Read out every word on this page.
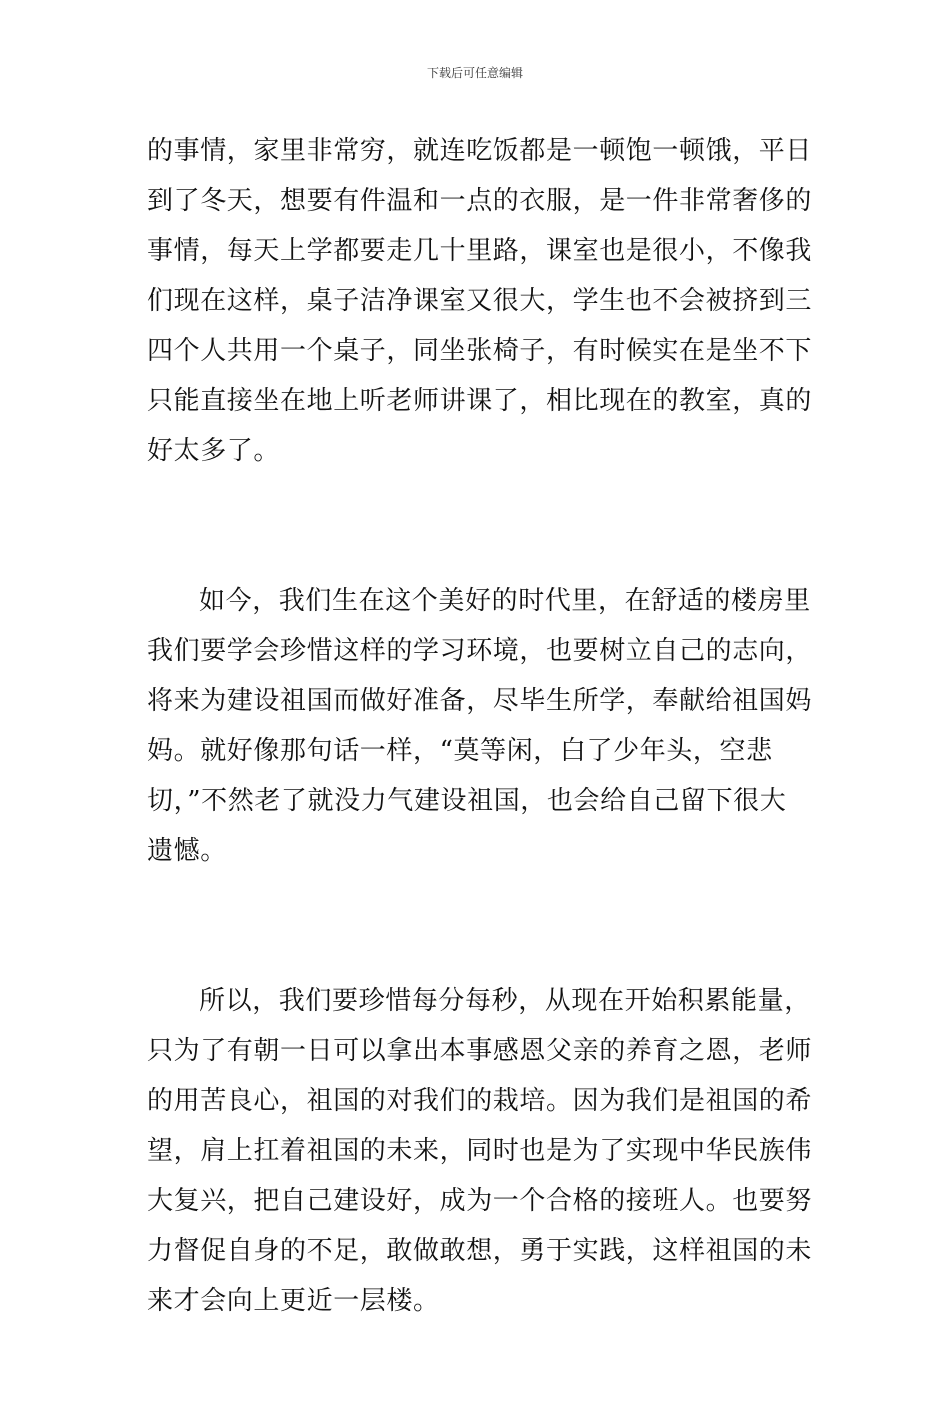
下载后可任意编辑
的事情，家里非常穷，就连吃饭都是一顿饱一顿饿，平日
到了冬天，想要有件温和一点的衣服，是一件非常奢侈的
事情，每天上学都要走几十里路，课室也是很小，不像我
们现在这样，桌子洁净课室又很大，学生也不会被挤到三
四个人共用一个桌子，同坐张椅子，有时候实在是坐不下
只能直接坐在地上听老师讲课了，相比现在的教室，真的
好太多了。
如今，我们生在这个美好的时代里，在舒适的楼房里
我们要学会珍惜这样的学习环境，也要树立自己的志向，
将来为建设祖国而做好准备，尽毕生所学，奉献给祖国妈
妈。就好像那句话一样，“莫等闲，白了少年头，空悲
切，”不然老了就没力气建设祖国，也会给自己留下很大
遗憾。
所以，我们要珍惜每分每秒，从现在开始积累能量，
只为了有朝一日可以拿出本事感恩父亲的养育之恩，老师
的用苦良心，祖国的对我们的栽培。因为我们是祖国的希
望，肩上扛着祖国的未来，同时也是为了实现中华民族伟
大复兴，把自己建设好，成为一个合格的接班人。也要努
力督促自身的不足，敢做敢想，勇于实践，这样祖国的未
来才会向上更近一层楼。
